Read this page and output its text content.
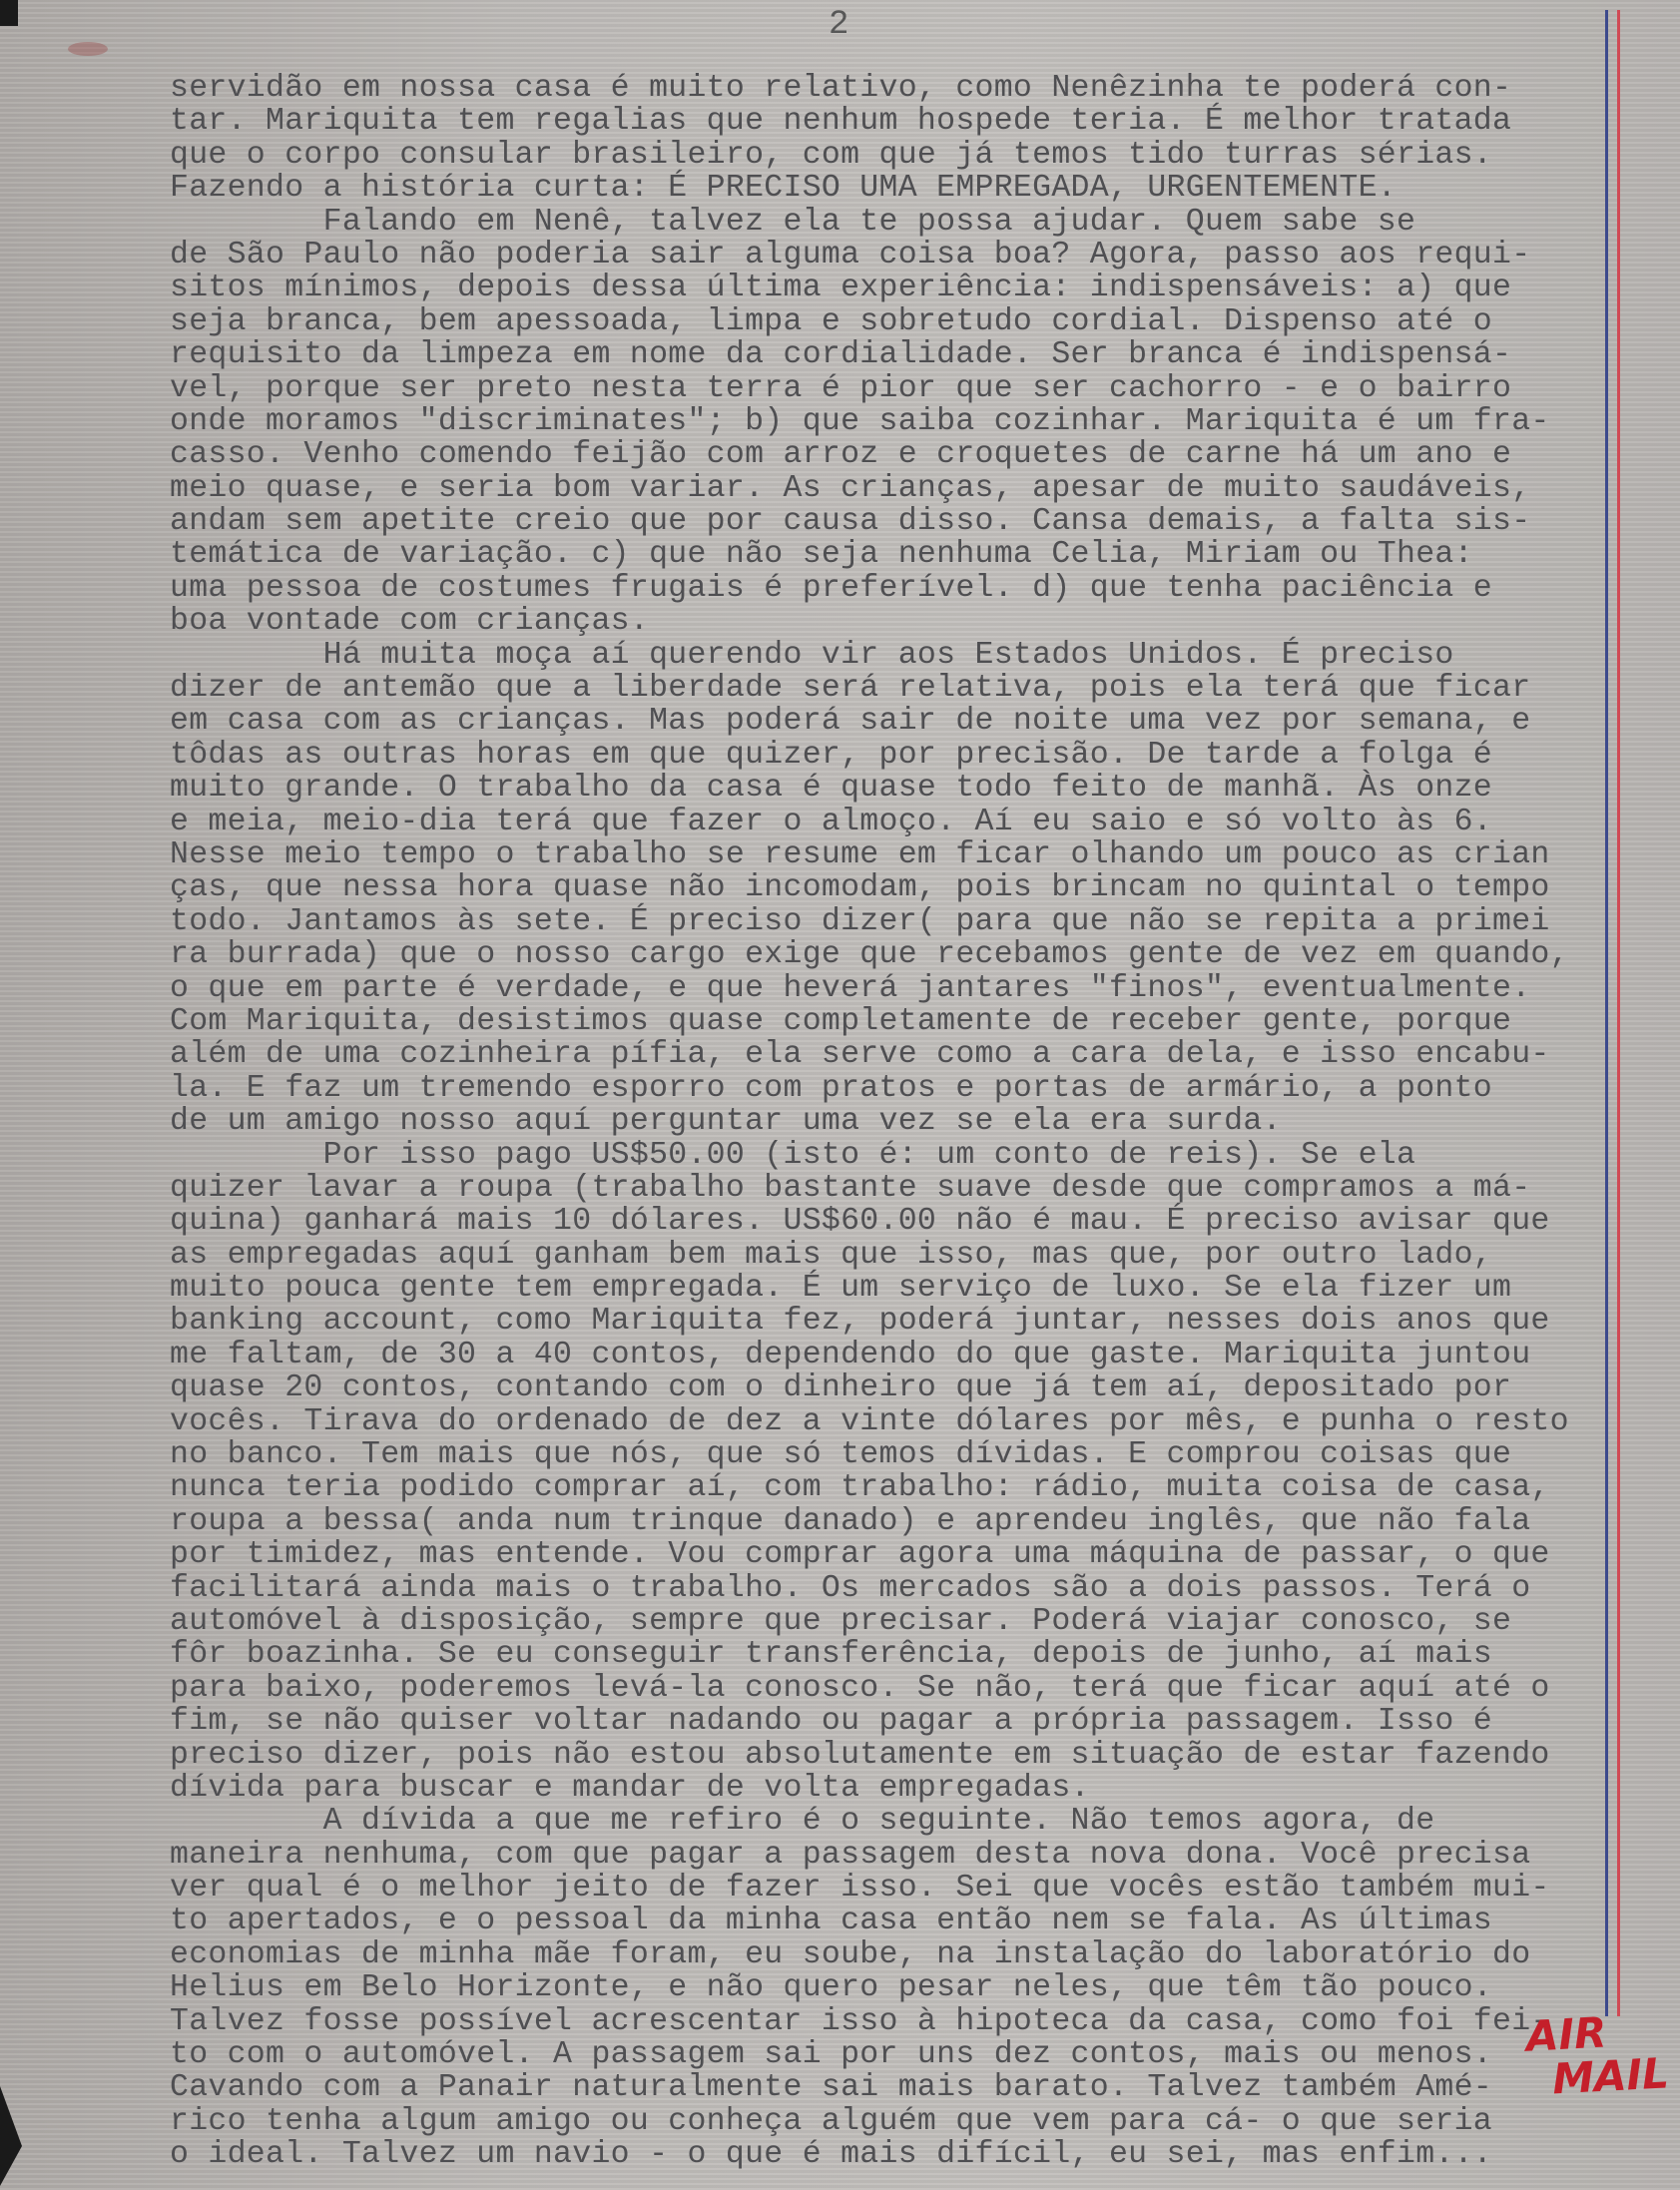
2
servidão em nossa casa é muito relativo, como Nenêzinha te poderá con-
tar. Mariquita tem regalias que nenhum hospede teria. É melhor tratada
que o corpo consular brasileiro, com que já temos tido turras sérias.
Fazendo a história curta: É PRECISO UMA EMPREGADA, URGENTEMENTE.
Falando em Nenê, talvez ela te possa ajudar. Quem sabe se
de São Paulo não poderia sair alguma coisa boa? Agora, passo aos requi-
sitos mínimos, depois dessa última experiência: indispensáveis: a) que
seja branca, bem apessoada, limpa e sobretudo cordial. Dispenso até o
requisito da limpeza em nome da cordialidade. Ser branca é indispensá-
vel, porque ser preto nesta terra é pior que ser cachorro - e o bairro
onde moramos "discriminates"; b) que saiba cozinhar. Mariquita é um fra-
casso. Venho comendo feijão com arroz e croquetes de carne há um ano e
meio quase, e seria bom variar. As crianças, apesar de muito saudáveis,
andam sem apetite creio que por causa disso. Cansa demais, a falta sis-
temática de variação. c) que não seja nenhuma Celia, Miriam ou Thea:
uma pessoa de costumes frugais é preferível. d) que tenha paciência e
boa vontade com crianças.
Há muita moça aí querendo vir aos Estados Unidos. É preciso
dizer de antemão que a liberdade será relativa, pois ela terá que ficar
em casa com as crianças. Mas poderá sair de noite uma vez por semana, e
tôdas as outras horas em que quizer, por precisão. De tarde a folga é
muito grande. O trabalho da casa é quase todo feito de manhã. Às onze
e meia, meio-dia terá que fazer o almoço. Aí eu saio e só volto às 6.
Nesse meio tempo o trabalho se resume em ficar olhando um pouco as crian
ças, que nessa hora quase não incomodam, pois brincam no quintal o tempo
todo. Jantamos às sete. É preciso dizer( para que não se repita a primei
ra burrada) que o nosso cargo exige que recebamos gente de vez em quando,
o que em parte é verdade, e que heverá jantares "finos", eventualmente.
Com Mariquita, desistimos quase completamente de receber gente, porque
além de uma cozinheira pífia, ela serve como a cara dela, e isso encabu-
la. E faz um tremendo esporro com pratos e portas de armário, a ponto
de um amigo nosso aquí perguntar uma vez se ela era surda.
Por isso pago US$50.00 (isto é: um conto de reis). Se ela
quizer lavar a roupa (trabalho bastante suave desde que compramos a má-
quina) ganhará mais 10 dólares. US$60.00 não é mau. É preciso avisar que
as empregadas aquí ganham bem mais que isso, mas que, por outro lado,
muito pouca gente tem empregada. É um serviço de luxo. Se ela fizer um
banking account, como Mariquita fez, poderá juntar, nesses dois anos que
me faltam, de 30 a 40 contos, dependendo do que gaste. Mariquita juntou
quase 20 contos, contando com o dinheiro que já tem aí, depositado por
vocês. Tirava do ordenado de dez a vinte dólares por mês, e punha o resto
no banco. Tem mais que nós, que só temos dívidas. E comprou coisas que
nunca teria podido comprar aí, com trabalho: rádio, muita coisa de casa,
roupa a bessa( anda num trinque danado) e aprendeu inglês, que não fala
por timidez, mas entende. Vou comprar agora uma máquina de passar, o que
facilitará ainda mais o trabalho. Os mercados são a dois passos. Terá o
automóvel à disposição, sempre que precisar. Poderá viajar conosco, se
fôr boazinha. Se eu conseguir transferência, depois de junho, aí mais
para baixo, poderemos levá-la conosco. Se não, terá que ficar aquí até o
fim, se não quiser voltar nadando ou pagar a própria passagem. Isso é
preciso dizer, pois não estou absolutamente em situação de estar fazendo
dívida para buscar e mandar de volta empregadas.
A dívida a que me refiro é o seguinte. Não temos agora, de
maneira nenhuma, com que pagar a passagem desta nova dona. Você precisa
ver qual é o melhor jeito de fazer isso. Sei que vocês estão também mui-
to apertados, e o pessoal da minha casa então nem se fala. As últimas
economias de minha mãe foram, eu soube, na instalação do laboratório do
Helius em Belo Horizonte, e não quero pesar neles, que têm tão pouco.
Talvez fosse possível acrescentar isso à hipoteca da casa, como foi fei-
to com o automóvel. A passagem sai por uns dez contos, mais ou menos.
Cavando com a Panair naturalmente sai mais barato. Talvez também Amé-
rico tenha algum amigo ou conheça alguém que vem para cá- o que seria
o ideal. Talvez um navio - o que é mais difícil, eu sei, mas enfim...
AIR
MAIL
